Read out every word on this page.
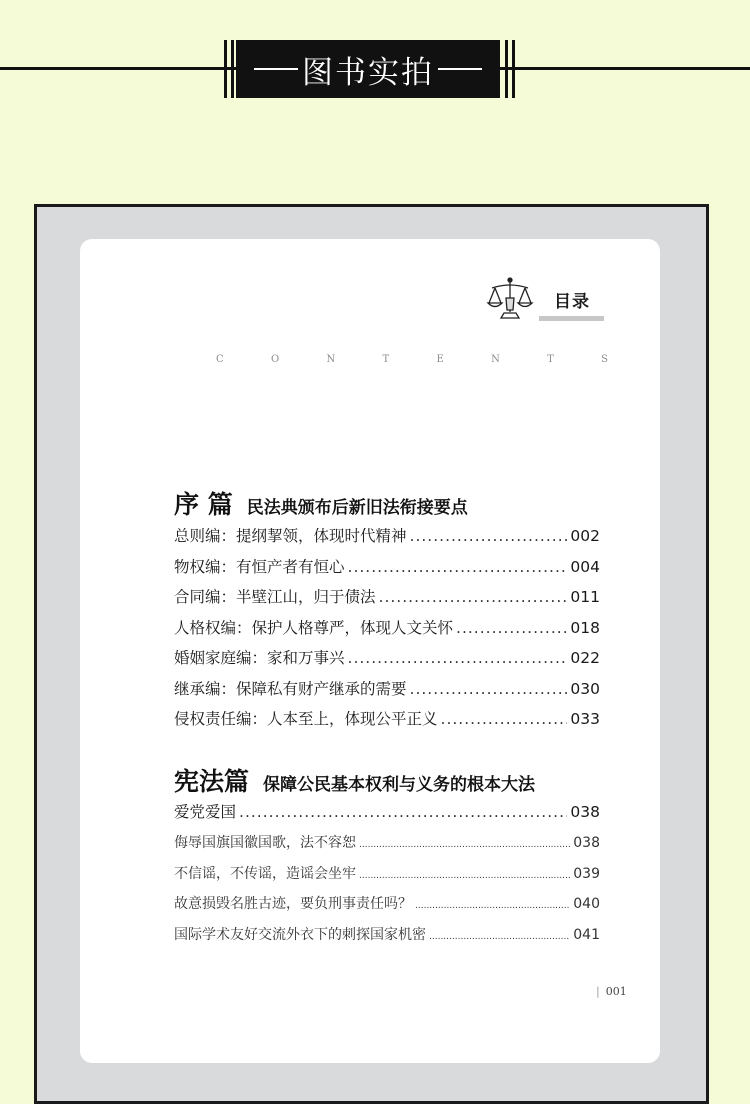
图书实拍
目录
C	O	N	T	E	N	T	S
序 篇 民法典颁布后新旧法衔接要点
总则编：提纲挈领，体现时代精神 .....	002
物权编：有恒产者有恒心 .....	004
合同编：半壁江山，归于债法 .....	011
人格权编：保护人格尊严，体现人文关怀 .....	018
婚姻家庭编：家和万事兴 .....	022
继承编：保障私有财产继承的需要 .....	030
侵权责任编：人本至上，体现公平正义 .....	033
宪法篇 保障公民基本权利与义务的根本大法
爱党爱国 .....	038
侮辱国旗国徽国歌，法不容恕 .....	038
不信谣，不传谣，造谣会坐牢 .....	039
故意损毁名胜古迹，要负刑事责任吗？ .....	040
国际学术友好交流外衣下的刺探国家机密 .....	041
| 001
